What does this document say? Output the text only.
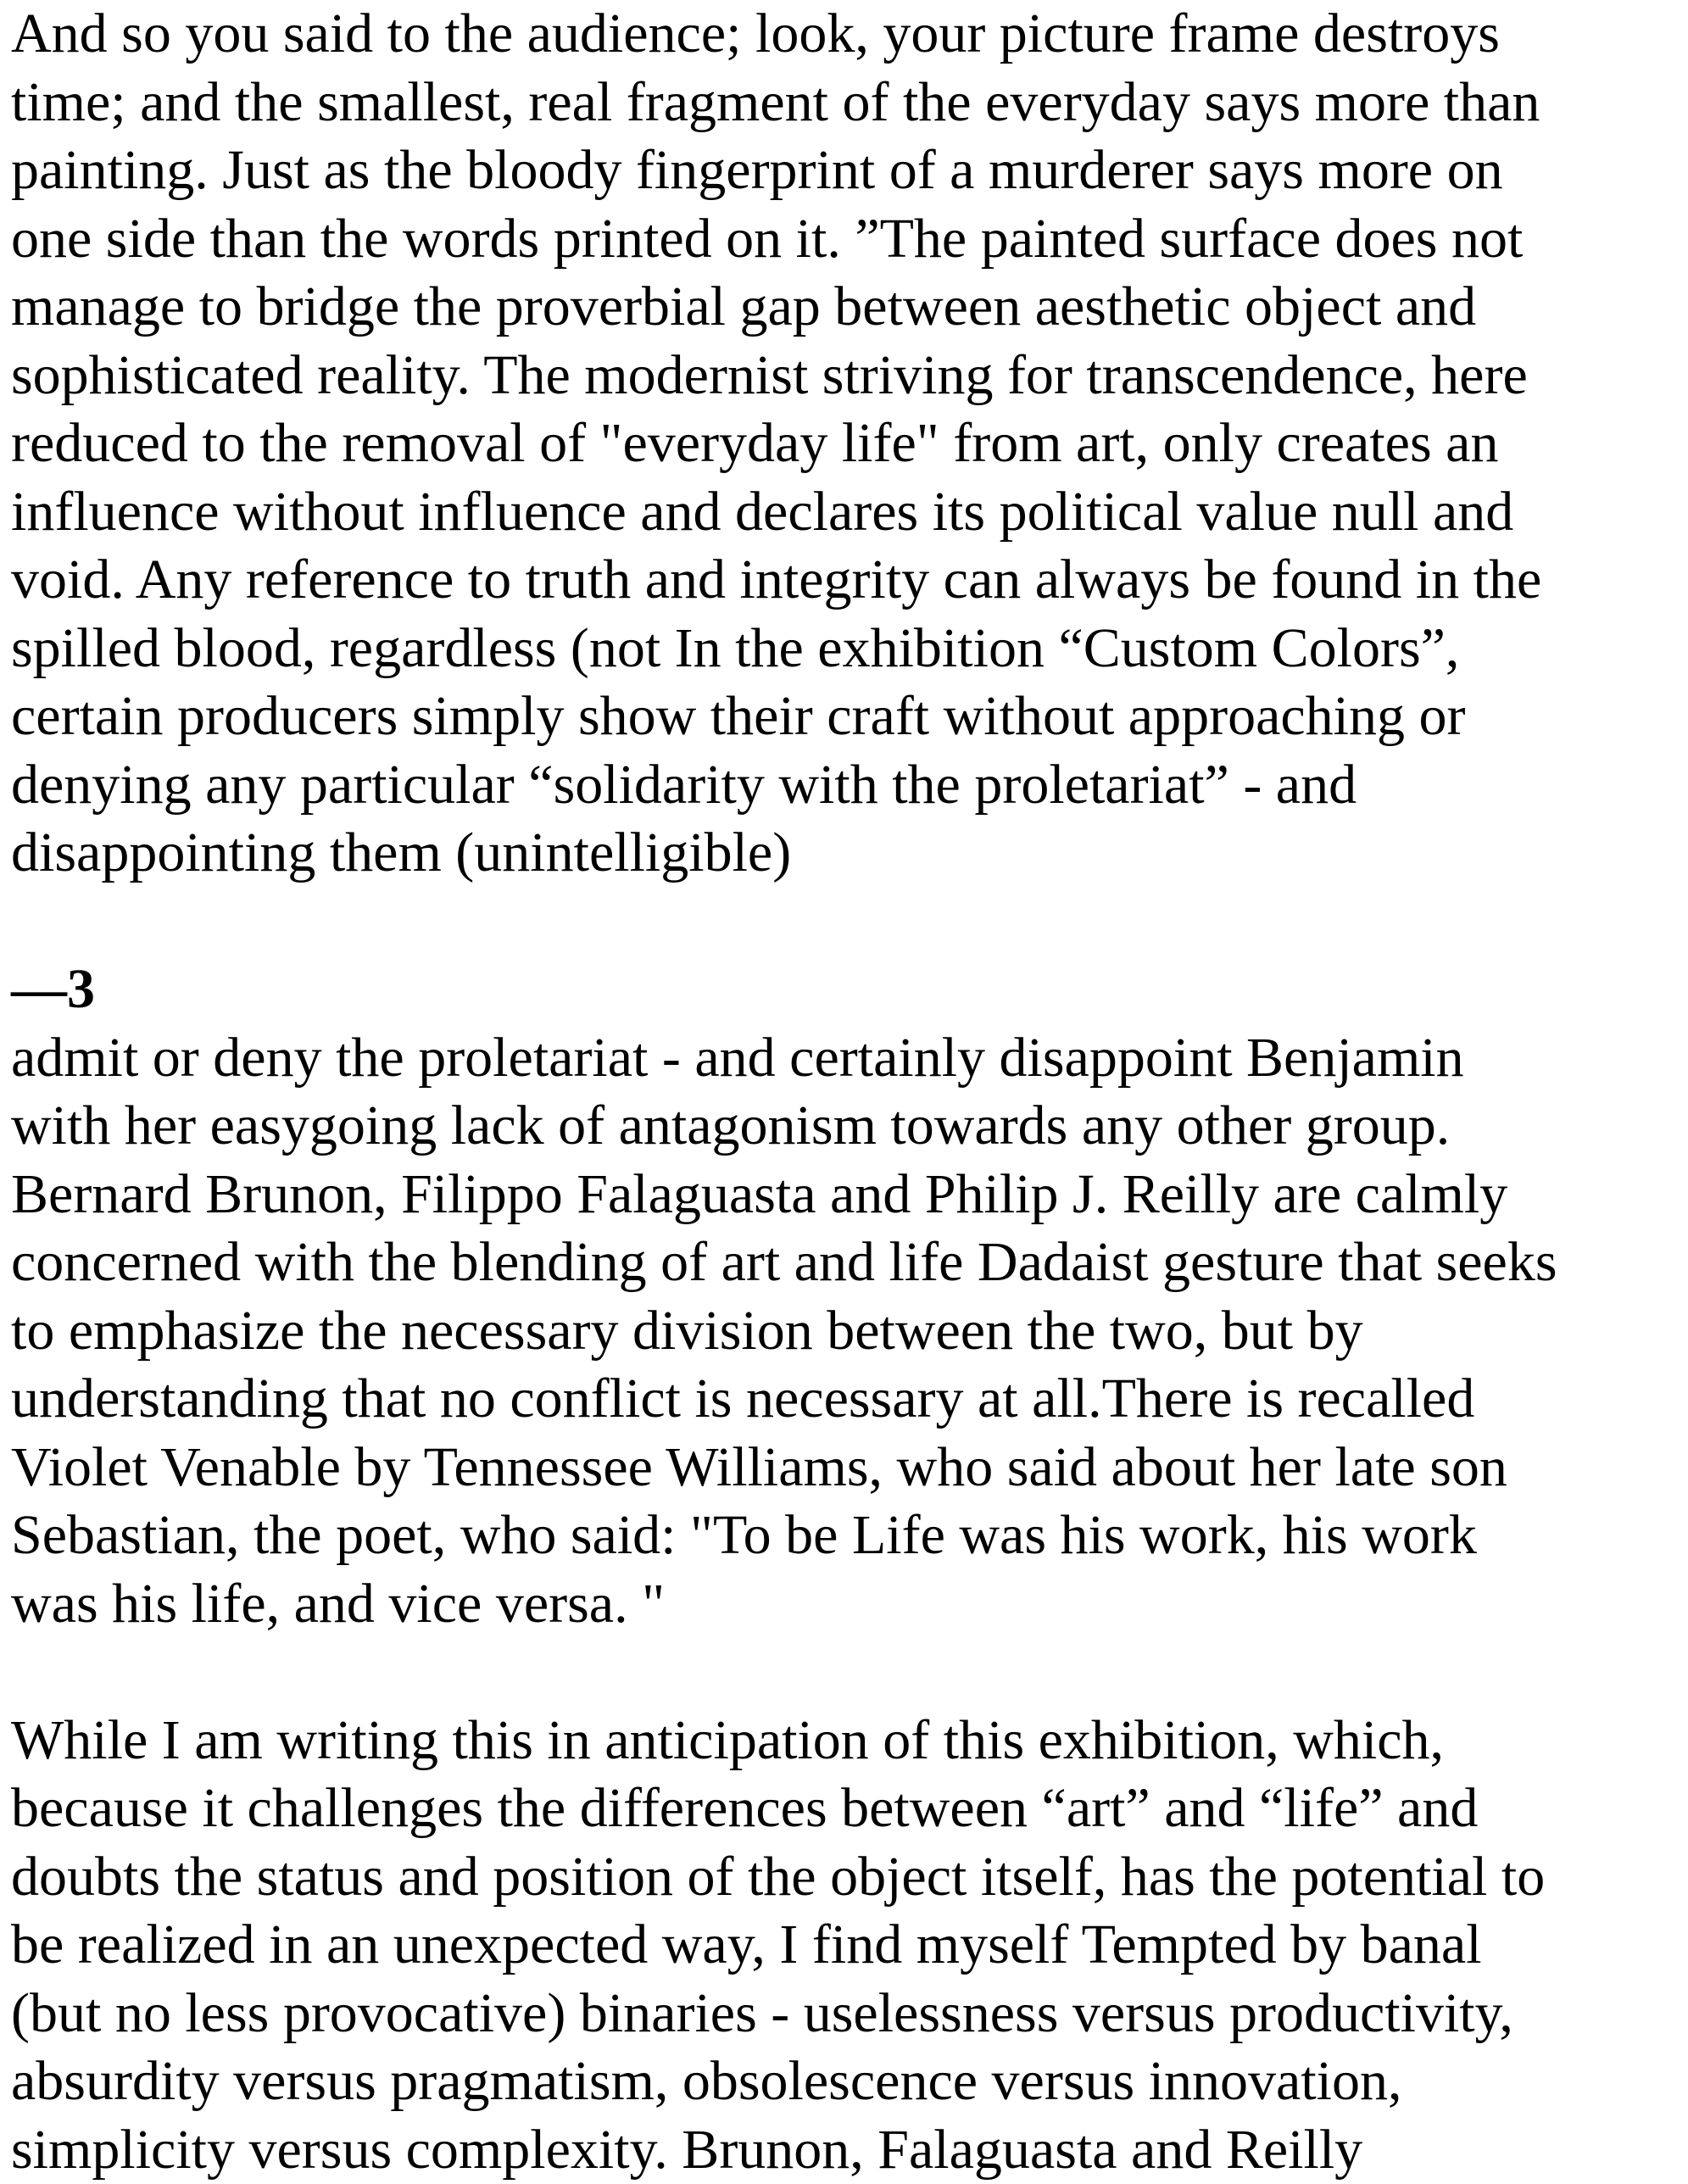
And so you said to the audience; look, your picture frame destroys
time; and the smallest, real fragment of the everyday says more than
painting. Just as the bloody fingerprint of a murderer says more on
one side than the words printed on it. ”The painted surface does not
manage to bridge the proverbial gap between aesthetic object and
sophisticated reality. The modernist striving for transcendence, here
reduced to the removal of "everyday life" from art, only creates an
influence without influence and declares its political value null and
void. Any reference to truth and integrity can always be found in the
spilled blood, regardless (not In the exhibition “Custom Colors”,
certain producers simply show their craft without approaching or
denying any particular “solidarity with the proletariat” - and
disappointing them (unintelligible)

—3

admit or deny the proletariat - and certainly disappoint Benjamin
with her easygoing lack of antagonism towards any other group.
Bernard Brunon, Filippo Falaguasta and Philip J. Reilly are calmly
concerned with the blending of art and life Dadaist gesture that seeks
to emphasize the necessary division between the two, but by
understanding that no conflict is necessary at all.There is recalled
Violet Venable by Tennessee Williams, who said about her late son
Sebastian, the poet, who said: "To be Life was his work, his work
was his life, and vice versa. "

While I am writing this in anticipation of this exhibition, which,
because it challenges the differences between “art” and “life” and
doubts the status and position of the object itself, has the potential to
be realized in an unexpected way, I find myself Tempted by banal
(but no less provocative) binaries - uselessness versus productivity,
absurdity versus pragmatism, obsolescence versus innovation,
simplicity versus complexity. Brunon, Falaguasta and Reilly
